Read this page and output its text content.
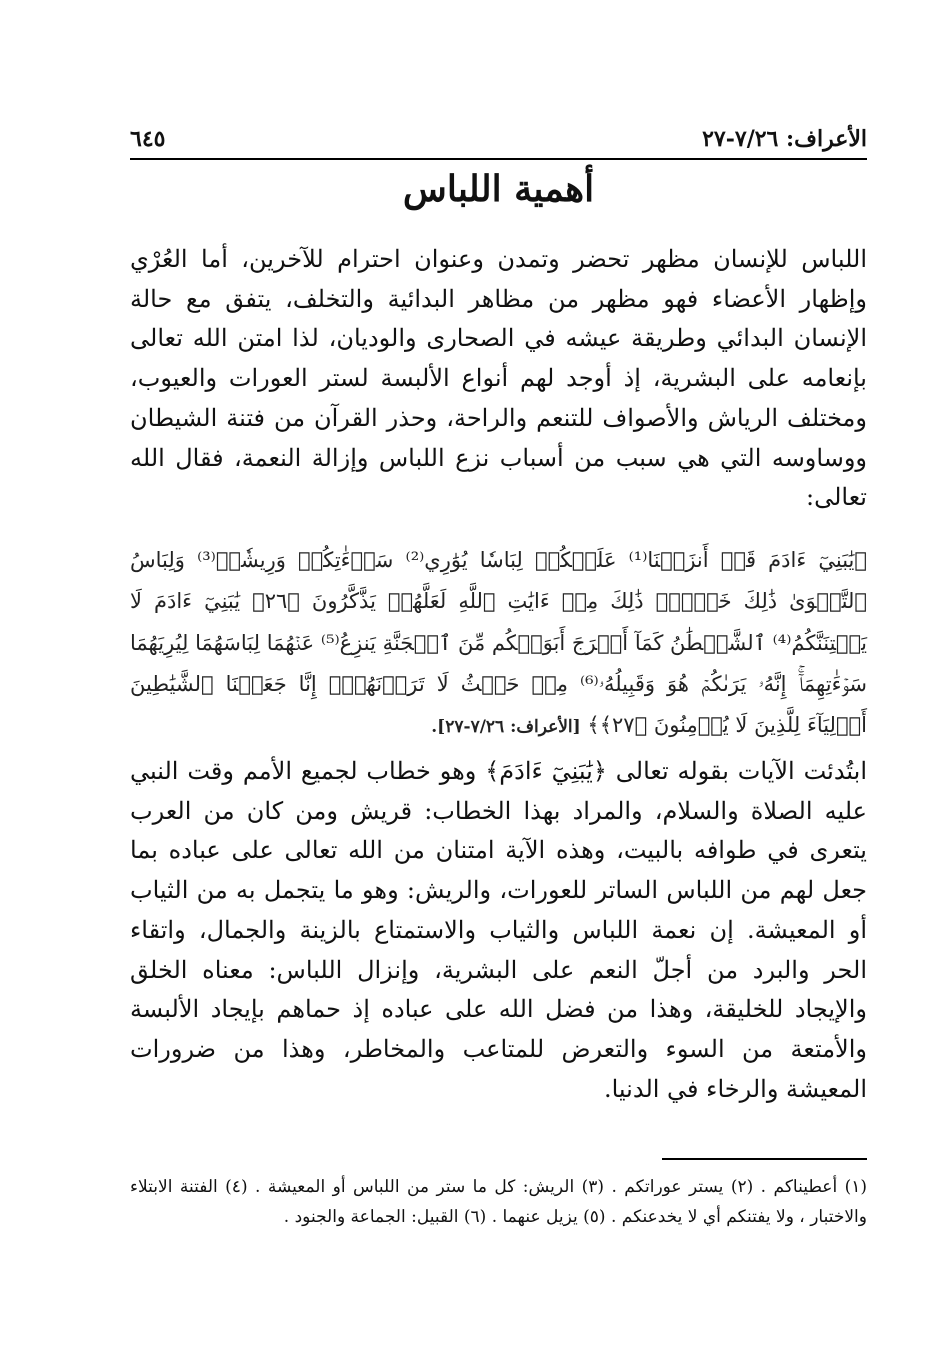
الأعراف: ٧/٢٦-٢٧
٦٤٥
أهمية اللباس
اللباس للإنسان مظهر تحضر وتمدن وعنوان احترام للآخرين، أما العُرْي وإظهار الأعضاء فهو مظهر من مظاهر البدائية والتخلف، يتفق مع حالة الإنسان البدائي وطريقة عيشه في الصحارى والوديان، لذا امتن الله تعالى بإنعامه على البشرية، إذ أوجد لهم أنواع الألبسة لستر العورات والعيوب، ومختلف الرياش والأصواف للتنعم والراحة، وحذر القرآن من فتنة الشيطان ووساوسه التي هي سبب من أسباب نزع اللباس وإزالة النعمة، فقال الله تعالى:
﴿يَٰبَنِيٓ ءَادَمَ قَدۡ أَنزَلۡنَا⁽¹⁾ عَلَيۡكُمۡ لِبَاسٗا يُوَٰرِي⁽²⁾ سَوۡءَٰتِكُمۡ وَرِيشٗاۖ⁽³⁾ وَلِبَاسُ ٱلتَّقۡوَىٰ ذَٰلِكَ خَيۡرٞۚ ذَٰلِكَ مِنۡ ءَايَٰتِ ٱللَّهِ لَعَلَّهُمۡ يَذَّكَّرُونَ ﴿٢٦﴾ يَٰبَنِيٓ ءَادَمَ لَا يَفۡتِنَنَّكُمُ⁽⁴⁾ ٱلشَّيۡطَٰنُ كَمَآ أَخۡرَجَ أَبَوَيۡكُم مِّنَ ٱلۡجَنَّةِ يَنزِعُ⁽⁵⁾ عَنۡهُمَا لِبَاسَهُمَا لِيُرِيَهُمَا سَوۡءَٰتِهِمَآۚ إِنَّهُۥ يَرَىٰكُمۡ هُوَ وَقَبِيلُهُۥ⁽⁶⁾ مِنۡ حَيۡثُ لَا تَرَوۡنَهُمۡۗ إِنَّا جَعَلۡنَا ٱلشَّيَٰطِينَ أَوۡلِيَآءَ لِلَّذِينَ لَا يُؤۡمِنُونَ ﴿٢٧﴾﴾ [الأعراف: ٧/٢٦-٢٧].
ابتُدئت الآيات بقوله تعالى ﴿يَٰبَنِيٓ ءَادَمَ﴾ وهو خطاب لجميع الأمم وقت النبي عليه الصلاة والسلام، والمراد بهذا الخطاب: قريش ومن كان من العرب يتعرى في طوافه بالبيت، وهذه الآية امتنان من الله تعالى على عباده بما جعل لهم من اللباس الساتر للعورات، والريش: وهو ما يتجمل به من الثياب أو المعيشة. إن نعمة اللباس والثياب والاستمتاع بالزينة والجمال، واتقاء الحر والبرد من أجلّ النعم على البشرية، وإنزال اللباس: معناه الخلق والإيجاد للخليقة، وهذا من فضل الله على عباده إذ حماهم بإيجاد الألبسة والأمتعة من السوء والتعرض للمتاعب والمخاطر، وهذا من ضرورات المعيشة والرخاء في الدنيا.
(١) أعطيناكم . (٢) يستر عوراتكم . (٣) الريش: كل ما ستر من اللباس أو المعيشة . (٤) الفتنة الابتلاء والاختبار ، ولا يفتنكم أي لا يخدعنكم . (٥) يزيل عنهما . (٦) القبيل: الجماعة والجنود .
